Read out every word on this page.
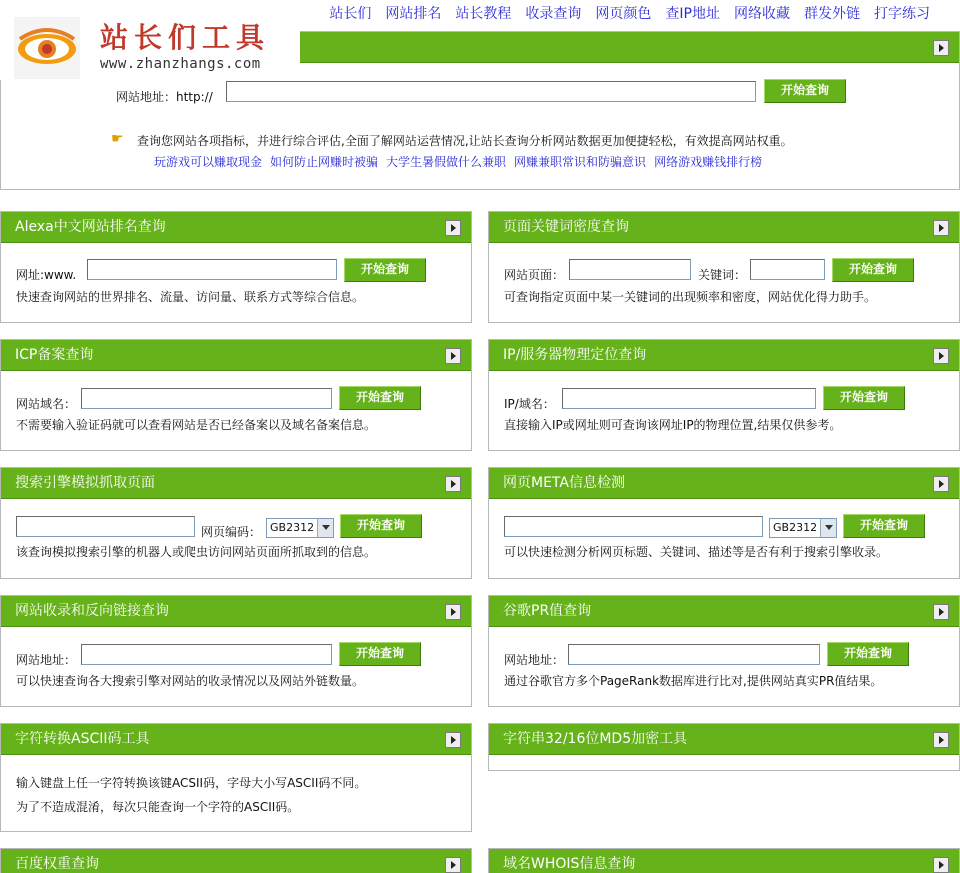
站长们工具
www.zhanzhangs.com
站长们 网站排名 站长教程 收录查询 网页颜色 查IP地址 网络收藏 群发外链 打字练习
网站地址：http://	开始查询
☛ 查询您网站各项指标，并进行综合评估,全面了解网站运营情况,让站长查询分析网站数据更加便捷轻松，有效提高网站权重。
玩游戏可以赚取现金 如何防止网赚时被骗 大学生暑假做什么兼职 网赚兼职常识和防骗意识 网络游戏赚钱排行榜
Alexa中文网站排名查询
网址:www.	开始查询
快速查询网站的世界排名、流量、访问量、联系方式等综合信息。
页面关键词密度查询
网站页面：	关键词：	开始查询
可查询指定页面中某一关键词的出现频率和密度，网站优化得力助手。
ICP备案查询
网站域名：	开始查询
不需要输入验证码就可以查看网站是否已经备案以及域名备案信息。
IP/服务器物理定位查询
IP/域名：	开始查询
直接输入IP或网址则可查询该网址IP的物理位置,结果仅供参考。
搜索引擎模拟抓取页面
网页编码： GB2312	开始查询
该查询模拟搜索引擎的机器人或爬虫访问网站页面所抓取到的信息。
网页META信息检测
GB2312	开始查询
可以快速检测分析网页标题、关键词、描述等是否有利于搜索引擎收录。
网站收录和反向链接查询
网站地址：	开始查询
可以快速查询各大搜索引擎对网站的收录情况以及网站外链数量。
谷歌PR值查询
网站地址：	开始查询
通过谷歌官方多个PageRank数据库进行比对,提供网站真实PR值结果。
字符转换ASCII码工具
输入键盘上任一字符转换该键ACSII码，字母大小写ASCII码不同。
为了不造成混淆，每次只能查询一个字符的ASCII码。
字符串32/16位MD5加密工具
百度权重查询	域名WHOIS信息查询
